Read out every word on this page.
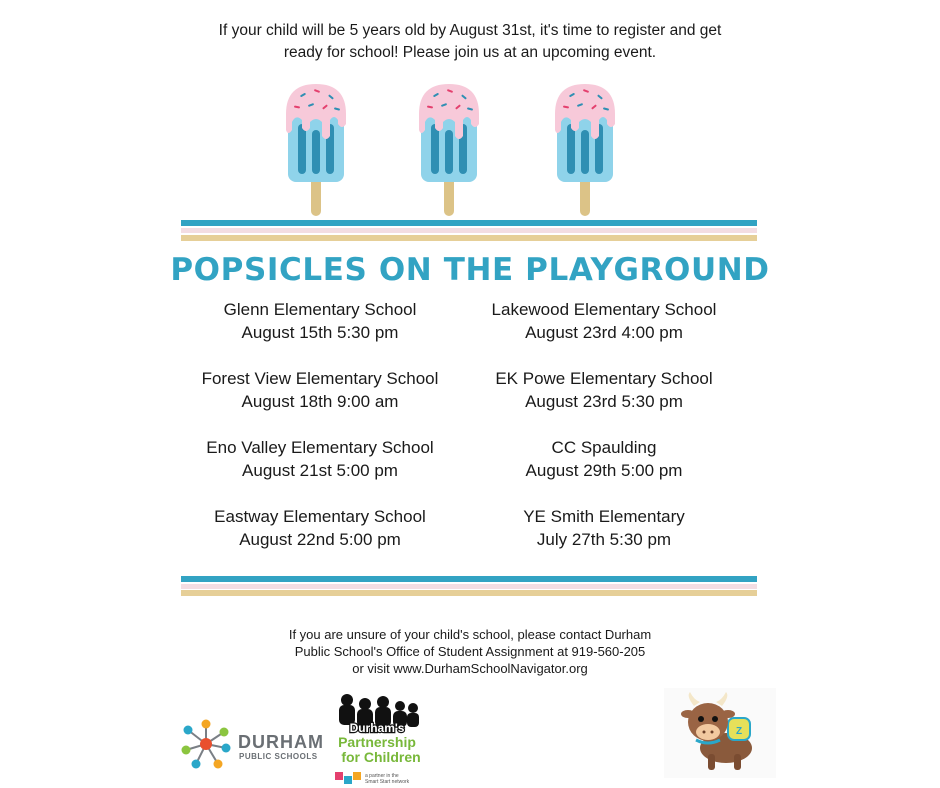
If your child will be 5 years old by August 31st, it's time to register and get
ready for school! Please join us at an upcoming event.
POPSICLES ON THE PLAYGROUND
Glenn Elementary School
August 15th 5:30 pm
Forest View Elementary School
August 18th 9:00 am
Eno Valley Elementary School
August 21st 5:00 pm
Eastway Elementary School
August 22nd 5:00 pm
Lakewood Elementary School
August 23rd 4:00 pm
EK Powe Elementary School
August 23rd 5:30 pm
CC Spaulding
August 29th 5:00 pm
YE Smith Elementary
July 27th 5:30 pm
If you are unsure of your child's school, please contact Durham
Public School's Office of Student Assignment at 919-560-205
or visit www.DurhamSchoolNavigator.org
DURHAM
PUBLIC SCHOOLS
Durham's
Partnership
for Children
a partner in the
Smart Start network
Z
